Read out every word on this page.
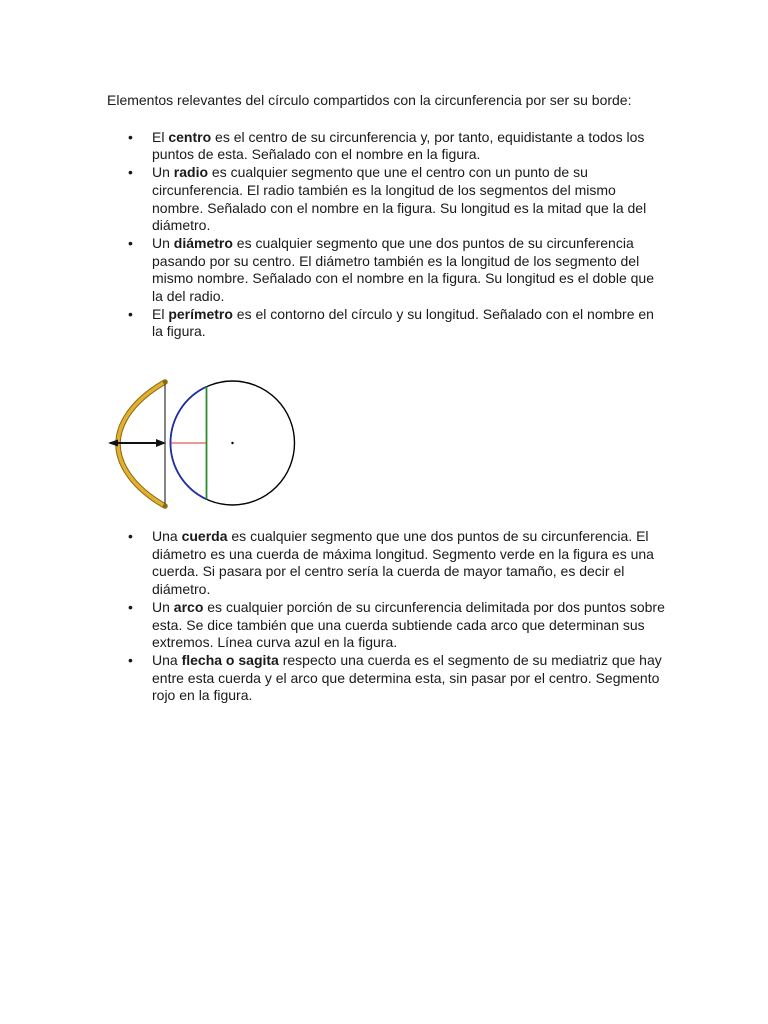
Elementos relevantes del círculo compartidos con la circunferencia por ser su borde:

• El centro es el centro de su circunferencia y, por tanto, equidistante a todos los puntos de esta. Señalado con el nombre en la figura.
• Un radio es cualquier segmento que une el centro con un punto de su circunferencia. El radio también es la longitud de los segmentos del mismo nombre. Señalado con el nombre en la figura. Su longitud es la mitad que la del diámetro.
• Un diámetro es cualquier segmento que une dos puntos de su circunferencia pasando por su centro. El diámetro también es la longitud de los segmento del mismo nombre. Señalado con el nombre en la figura. Su longitud es el doble que la del radio.
• El perímetro es el contorno del círculo y su longitud. Señalado con el nombre en la figura.
• Una cuerda es cualquier segmento que une dos puntos de su circunferencia. El diámetro es una cuerda de máxima longitud. Segmento verde en la figura es una cuerda. Si pasara por el centro sería la cuerda de mayor tamaño, es decir el diámetro.
• Un arco es cualquier porción de su circunferencia delimitada por dos puntos sobre esta. Se dice también que una cuerda subtiende cada arco que determinan sus extremos. Línea curva azul en la figura.
• Una flecha o sagita respecto una cuerda es el segmento de su mediatriz que hay entre esta cuerda y el arco que determina esta, sin pasar por el centro. Segmento rojo en la figura.
